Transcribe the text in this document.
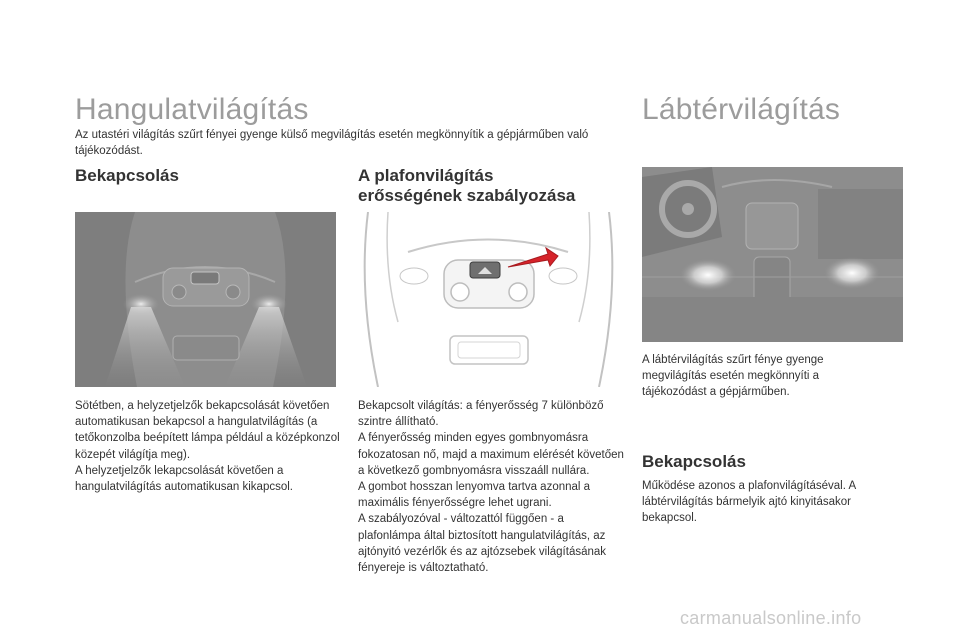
Hangulatvilágítás

Az utastéri világítás szűrt fényei gyenge külső megvilágítás esetén megkönnyítik a gépjárműben való tájékozódást.

Bekapcsolás

Sötétben, a helyzetjelzők bekapcsolását követően automatikusan bekapcsol a hangulatvilágítás (a tetőkonzolba beépített lámpa például a középkonzol közepét világítja meg).

A helyzetjelzők lekapcsolását követően a hangulatvilágítás automatikusan kikapcsol.

A plafonvilágítás
erősségének szabályozása

Bekapcsolt világítás: a fényerősség 7 különböző szintre állítható.

A fényerősség minden egyes gombnyomásra fokozatosan nő, majd a maximum elérését követően a következő gombnyomásra visszaáll nullára.

A gombot hosszan lenyomva tartva azonnal a maximális fényerősségre lehet ugrani.

A szabályozóval - változattól függően - a plafonlámpa által biztosított hangulatvilágítás, az ajtónyitó vezérlők és az ajtózsebek világításának fényereje is változtatható.

Lábtérvilágítás

A lábtérvilágítás szűrt fénye gyenge megvilágítás esetén megkönnyíti a tájékozódást a gépjárműben.

Bekapcsolás

Működése azonos a plafonvilágításéval. A lábtérvilágítás bármelyik ajtó kinyitásakor bekapcsol.

carmanualsonline.info
